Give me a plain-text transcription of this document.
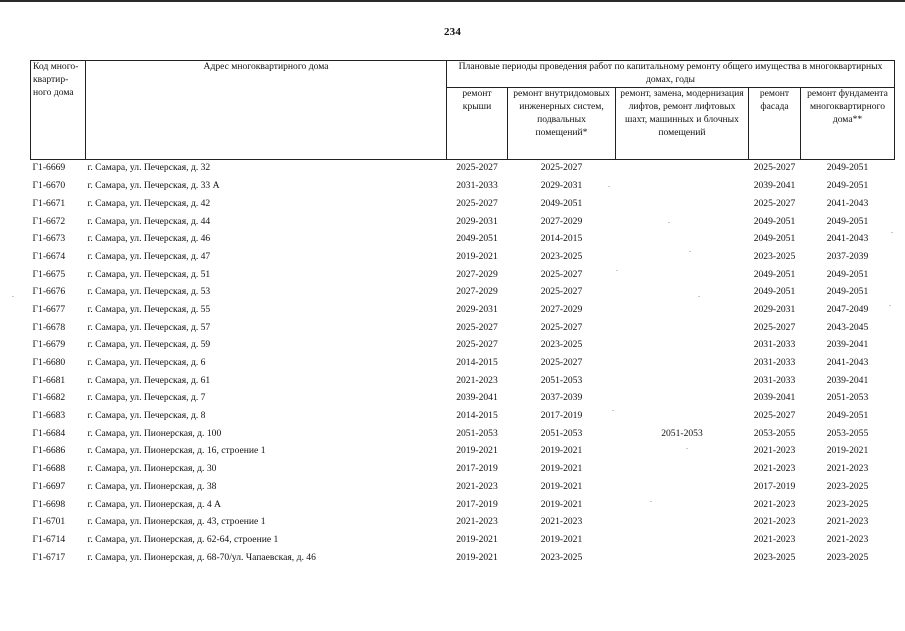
234
Код много-квартир-ного дома	Адрес многоквартирного дома	Плановые периоды проведения работ по капитальному ремонту общего имущества в многоквартирных домах, годы				
		ремонт крыши	ремонт внутридомовых инженерных систем, подвальных помещений*	ремонт, замена, модернизация лифтов, ремонт лифтовых шахт, машинных и блочных помещений	ремонт фасада	ремонт фундамента многоквартирного дома**
Г1-6669	г. Самара, ул. Печерская, д. 32	2025-2027	2025-2027		2025-2027	2049-2051
Г1-6670	г. Самара, ул. Печерская, д. 33 А	2031-2033	2029-2031		2039-2041	2049-2051
Г1-6671	г. Самара, ул. Печерская, д. 42	2025-2027	2049-2051		2025-2027	2041-2043
Г1-6672	г. Самара, ул. Печерская, д. 44	2029-2031	2027-2029		2049-2051	2049-2051
Г1-6673	г. Самара, ул. Печерская, д. 46	2049-2051	2014-2015		2049-2051	2041-2043
Г1-6674	г. Самара, ул. Печерская, д. 47	2019-2021	2023-2025		2023-2025	2037-2039
Г1-6675	г. Самара, ул. Печерская, д. 51	2027-2029	2025-2027		2049-2051	2049-2051
Г1-6676	г. Самара, ул. Печерская, д. 53	2027-2029	2025-2027		2049-2051	2049-2051
Г1-6677	г. Самара, ул. Печерская, д. 55	2029-2031	2027-2029		2029-2031	2047-2049
Г1-6678	г. Самара, ул. Печерская, д. 57	2025-2027	2025-2027		2025-2027	2043-2045
Г1-6679	г. Самара, ул. Печерская, д. 59	2025-2027	2023-2025		2031-2033	2039-2041
Г1-6680	г. Самара, ул. Печерская, д. 6	2014-2015	2025-2027		2031-2033	2041-2043
Г1-6681	г. Самара, ул. Печерская, д. 61	2021-2023	2051-2053		2031-2033	2039-2041
Г1-6682	г. Самара, ул. Печерская, д. 7	2039-2041	2037-2039		2039-2041	2051-2053
Г1-6683	г. Самара, ул. Печерская, д. 8	2014-2015	2017-2019		2025-2027	2049-2051
Г1-6684	г. Самара, ул. Пионерская, д. 100	2051-2053	2051-2053	2051-2053	2053-2055	2053-2055
Г1-6686	г. Самара, ул. Пионерская, д. 16, строение 1	2019-2021	2019-2021		2021-2023	2019-2021
Г1-6688	г. Самара, ул. Пионерская, д. 30	2017-2019	2019-2021		2021-2023	2021-2023
Г1-6697	г. Самара, ул. Пионерская, д. 38	2021-2023	2019-2021		2017-2019	2023-2025
Г1-6698	г. Самара, ул. Пионерская, д. 4 А	2017-2019	2019-2021		2021-2023	2023-2025
Г1-6701	г. Самара, ул. Пионерская, д. 43, строение 1	2021-2023	2021-2023		2021-2023	2021-2023
Г1-6714	г. Самара, ул. Пионерская, д. 62-64, строение 1	2019-2021	2019-2021		2021-2023	2021-2023
Г1-6717	г. Самара, ул. Пионерская, д. 68-70/ул. Чапаевская, д. 46	2019-2021	2023-2025		2023-2025	2023-2025
